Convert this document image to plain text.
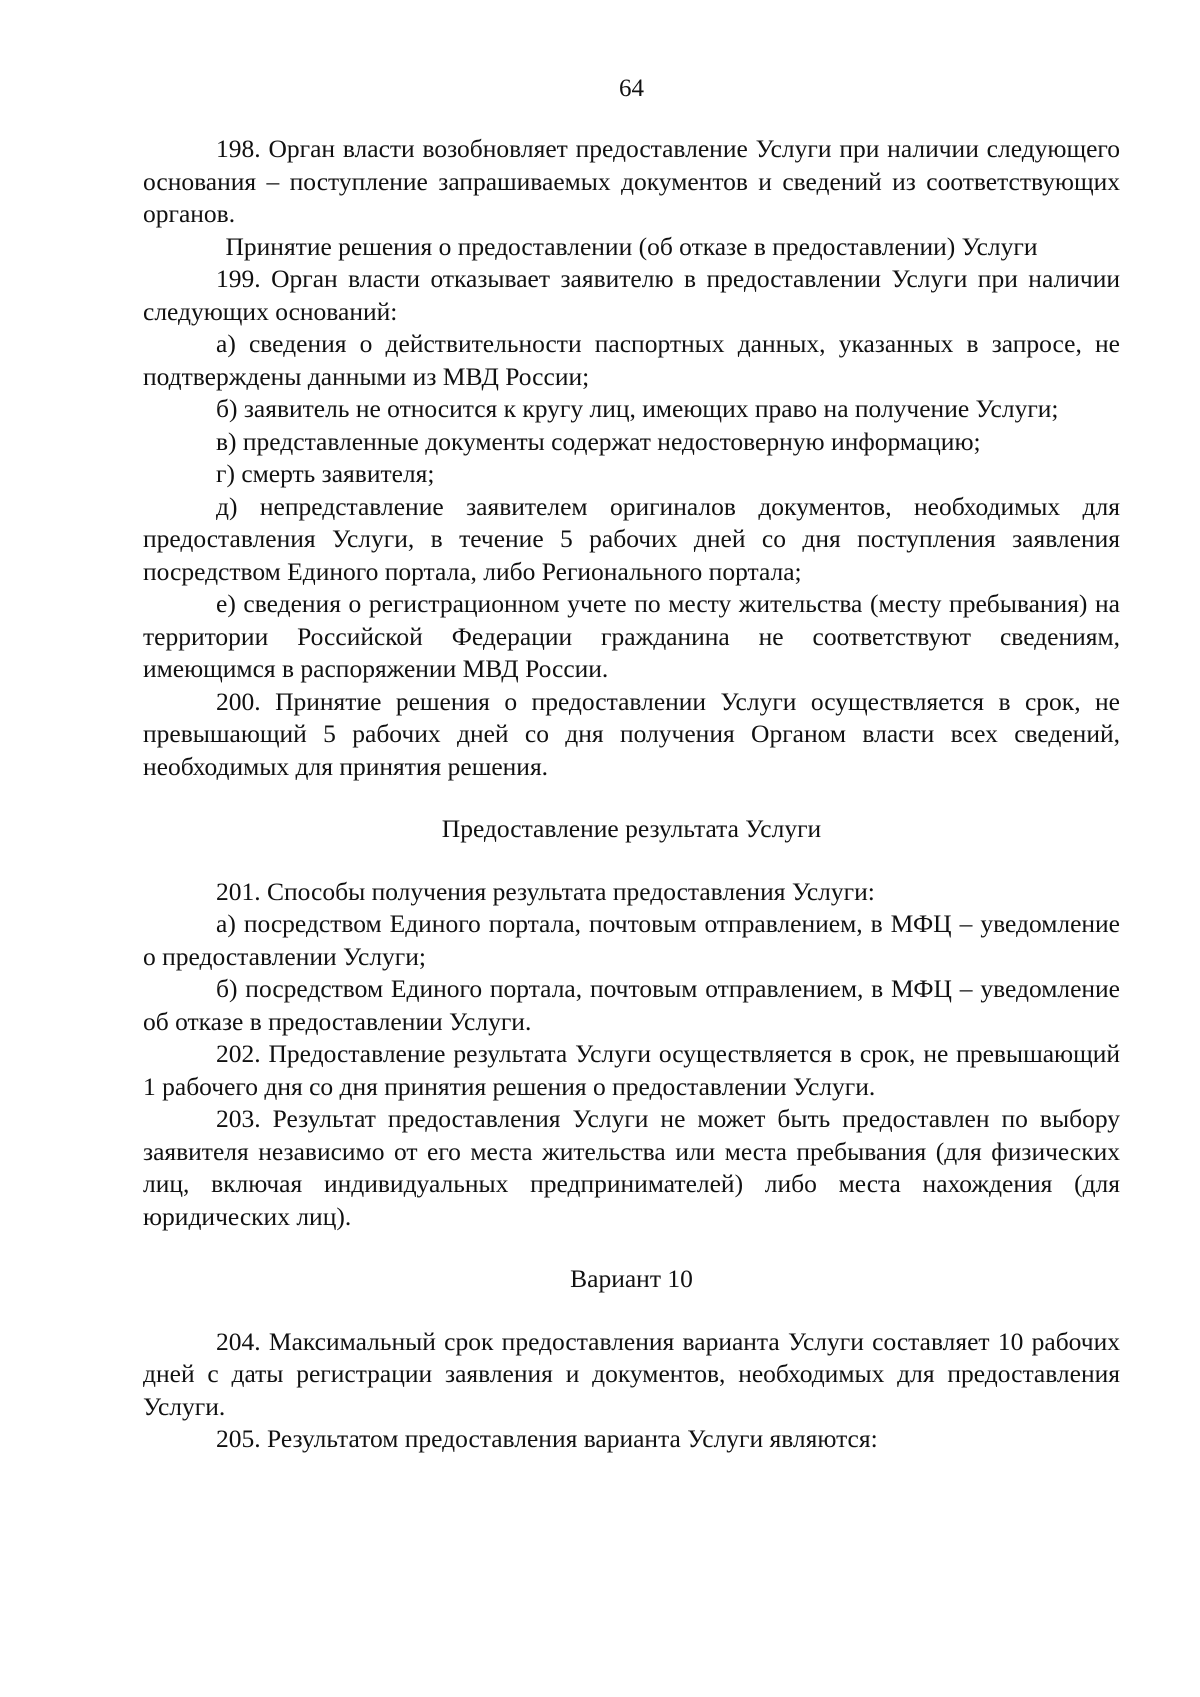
64

198. Орган власти возобновляет предоставление Услуги при наличии следующего основания – поступление запрашиваемых документов и сведений из соответствующих органов.

Принятие решения о предоставлении (об отказе в предоставлении) Услуги

199. Орган власти отказывает заявителю в предоставлении Услуги при наличии следующих оснований:

а) сведения о действительности паспортных данных, указанных в запросе, не подтверждены данными из МВД России;

б) заявитель не относится к кругу лиц, имеющих право на получение Услуги;

в) представленные документы содержат недостоверную информацию;

г) смерть заявителя;

д) непредставление заявителем оригиналов документов, необходимых для предоставления Услуги, в течение 5 рабочих дней со дня поступления заявления посредством Единого портала, либо Регионального портала;

е) сведения о регистрационном учете по месту жительства (месту пребывания) на территории Российской Федерации гражданина не соответствуют сведениям, имеющимся в распоряжении МВД России.

200. Принятие решения о предоставлении Услуги осуществляется в срок, не превышающий 5 рабочих дней со дня получения Органом власти всех сведений, необходимых для принятия решения.

Предоставление результата Услуги

201. Способы получения результата предоставления Услуги:

а) посредством Единого портала, почтовым отправлением, в МФЦ – уведомление о предоставлении Услуги;

б) посредством Единого портала, почтовым отправлением, в МФЦ – уведомление об отказе в предоставлении Услуги.

202. Предоставление результата Услуги осуществляется в срок, не превышающий 1 рабочего дня со дня принятия решения о предоставлении Услуги.

203. Результат предоставления Услуги не может быть предоставлен по выбору заявителя независимо от его места жительства или места пребывания (для физических лиц, включая индивидуальных предпринимателей) либо места нахождения (для юридических лиц).

Вариант 10

204. Максимальный срок предоставления варианта Услуги составляет 10 рабочих дней с даты регистрации заявления и документов, необходимых для предоставления Услуги.

205. Результатом предоставления варианта Услуги являются:
